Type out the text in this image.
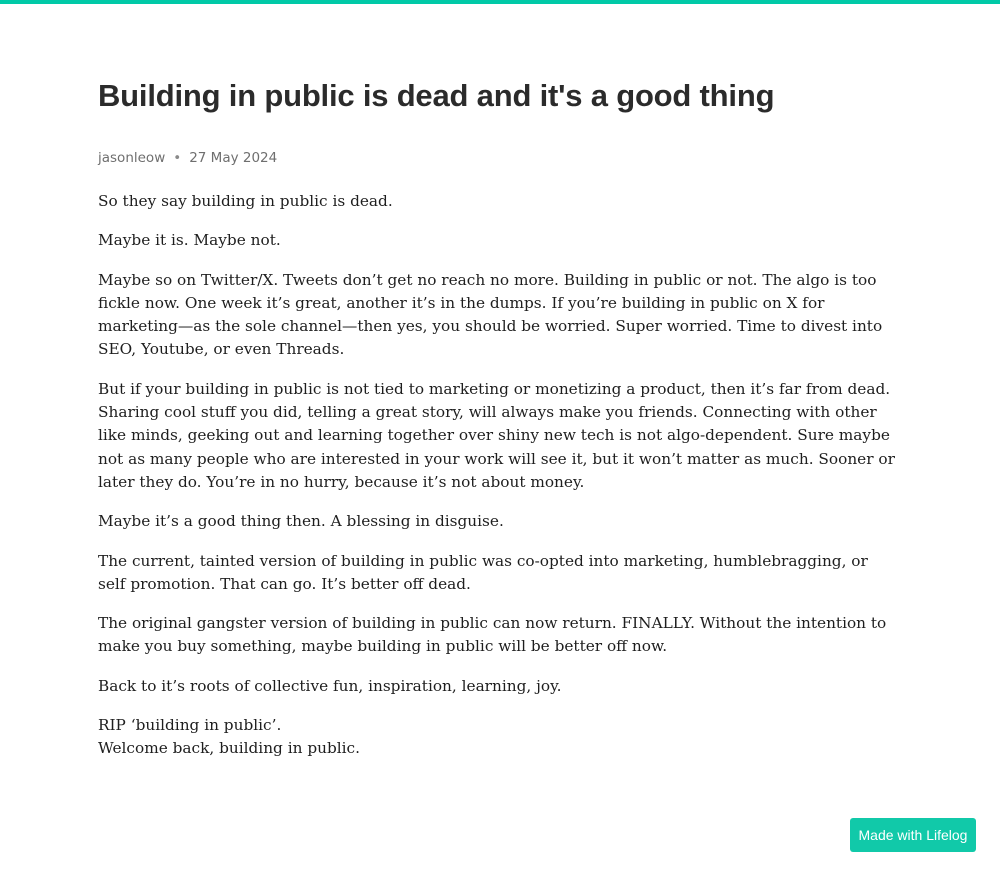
Building in public is dead and it's a good thing
jasonleow • 27 May 2024

So they say building in public is dead.

Maybe it is. Maybe not.

Maybe so on Twitter/X. Tweets don’t get no reach no more. Building in public or not. The algo is too fickle now. One week it’s great, another it’s in the dumps. If you’re building in public on X for marketing—as the sole channel—then yes, you should be worried. Super worried. Time to divest into SEO, Youtube, or even Threads.

But if your building in public is not tied to marketing or monetizing a product, then it’s far from dead. Sharing cool stuff you did, telling a great story, will always make you friends. Connecting with other like minds, geeking out and learning together over shiny new tech is not algo-dependent. Sure maybe not as many people who are interested in your work will see it, but it won’t matter as much. Sooner or later they do. You’re in no hurry, because it’s not about money.

Maybe it’s a good thing then. A blessing in disguise.

The current, tainted version of building in public was co-opted into marketing, humblebragging, or self promotion. That can go. It’s better off dead.

The original gangster version of building in public can now return. FINALLY. Without the intention to make you buy something, maybe building in public will be better off now.

Back to it’s roots of collective fun, inspiration, learning, joy.

RIP ‘building in public’.
Welcome back, building in public.

Made with Lifelog
